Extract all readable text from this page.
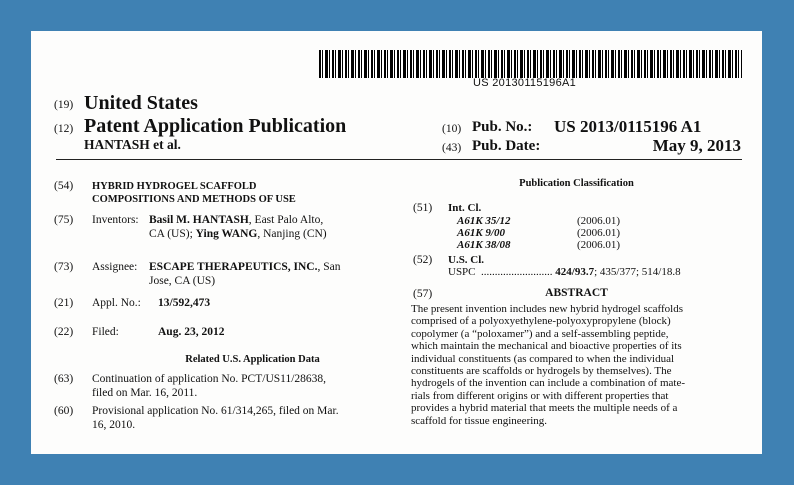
US 20130115196A1
(19) United States
(12) Patent Application Publication
HANTASH et al.
(10) Pub. No.: US 2013/0115196 A1
(43) Pub. Date:	May 9, 2013
(54) HYBRID HYDROGEL SCAFFOLD
COMPOSITIONS AND METHODS OF USE
(75) Inventors: Basil M. HANTASH, East Palo Alto,
CA (US); Ying WANG, Nanjing (CN)
(73) Assignee: ESCAPE THERAPEUTICS, INC., San
Jose, CA (US)
(21) Appl. No.: 13/592,473
(22) Filed:	Aug. 23, 2012
Related U.S. Application Data
(63) Continuation of application No. PCT/US11/28638,
filed on Mar. 16, 2011.
(60) Provisional application No. 61/314,265, filed on Mar.
16, 2010.
Publication Classification
(51) Int. Cl.
A61K 35/12	(2006.01)
A61K 9/00	(2006.01)
A61K 38/08	(2006.01)
(52) U.S. Cl.
USPC .......................... 424/93.7; 435/377; 514/18.8
(57)	ABSTRACT
The present invention includes new hybrid hydrogel scaffolds
comprised of a polyoxyethylene-polyoxypropylene (block)
copolymer (a “poloxamer”) and a self-assembling peptide,
which maintain the mechanical and bioactive properties of its
individual constituents (as compared to when the individual
constituents are scaffolds or hydrogels by themselves). The
hydrogels of the invention can include a combination of mate-
rials from different origins or with different properties that
provides a hybrid material that meets the multiple needs of a
scaffold for tissue engineering.
